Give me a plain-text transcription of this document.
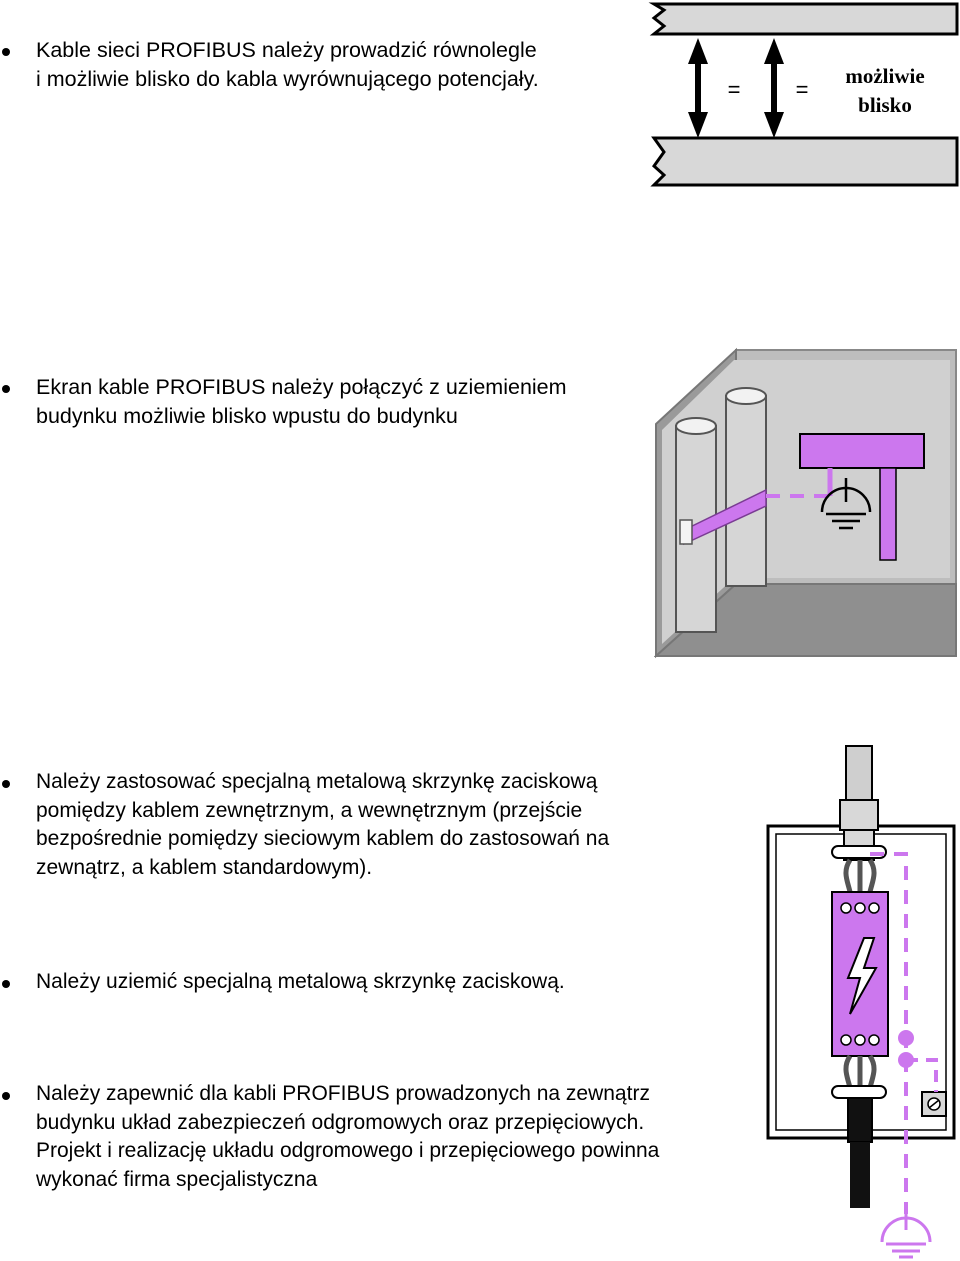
Kable sieci PROFIBUS należy prowadzić równolegle
i możliwie blisko do kabla wyrównującego potencjały.	=	=
możliwie
blisko
Ekran kable PROFIBUS należy połączyć z uziemieniem
budynku możliwie blisko wpustu do budynku
Należy zastosować specjalną metalową skrzynkę zaciskową
pomiędzy kablem zewnętrznym, a wewnętrznym (przejście
bezpośrednie pomiędzy sieciowym kablem do zastosowań na
zewnątrz, a kablem standardowym).
Należy uziemić specjalną metalową skrzynkę zaciskową.
Należy zapewnić dla kabli PROFIBUS prowadzonych na zewnątrz
budynku układ zabezpieczeń odgromowych oraz przepięciowych.
Projekt i realizację układu odgromowego i przepięciowego powinna
wykonać firma specjalistyczna
